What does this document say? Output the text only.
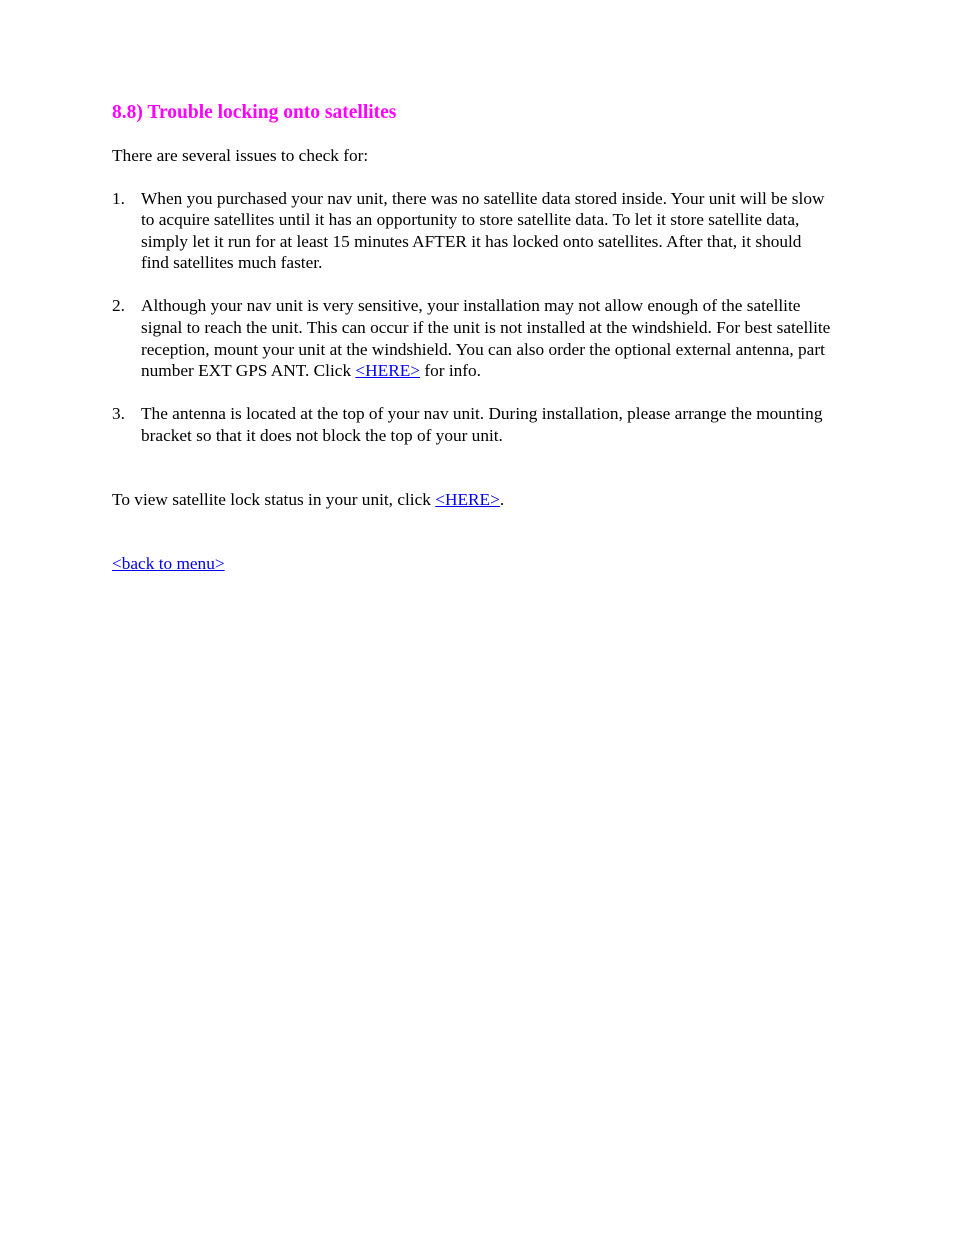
8.8) Trouble locking onto satellites

There are several issues to check for:

1. When you purchased your nav unit, there was no satellite data stored inside. Your unit will be slow to acquire satellites until it has an opportunity to store satellite data. To let it store satellite data, simply let it run for at least 15 minutes AFTER it has locked onto satellites. After that, it should find satellites much faster.
2. Although your nav unit is very sensitive, your installation may not allow enough of the satellite signal to reach the unit. This can occur if the unit is not installed at the windshield. For best satellite reception, mount your unit at the windshield. You can also order the optional external antenna, part number EXT GPS ANT. Click <HERE> for info.
3. The antenna is located at the top of your nav unit. During installation, please arrange the mounting bracket so that it does not block the top of your unit.

To view satellite lock status in your unit, click <HERE>.

<back to menu>
